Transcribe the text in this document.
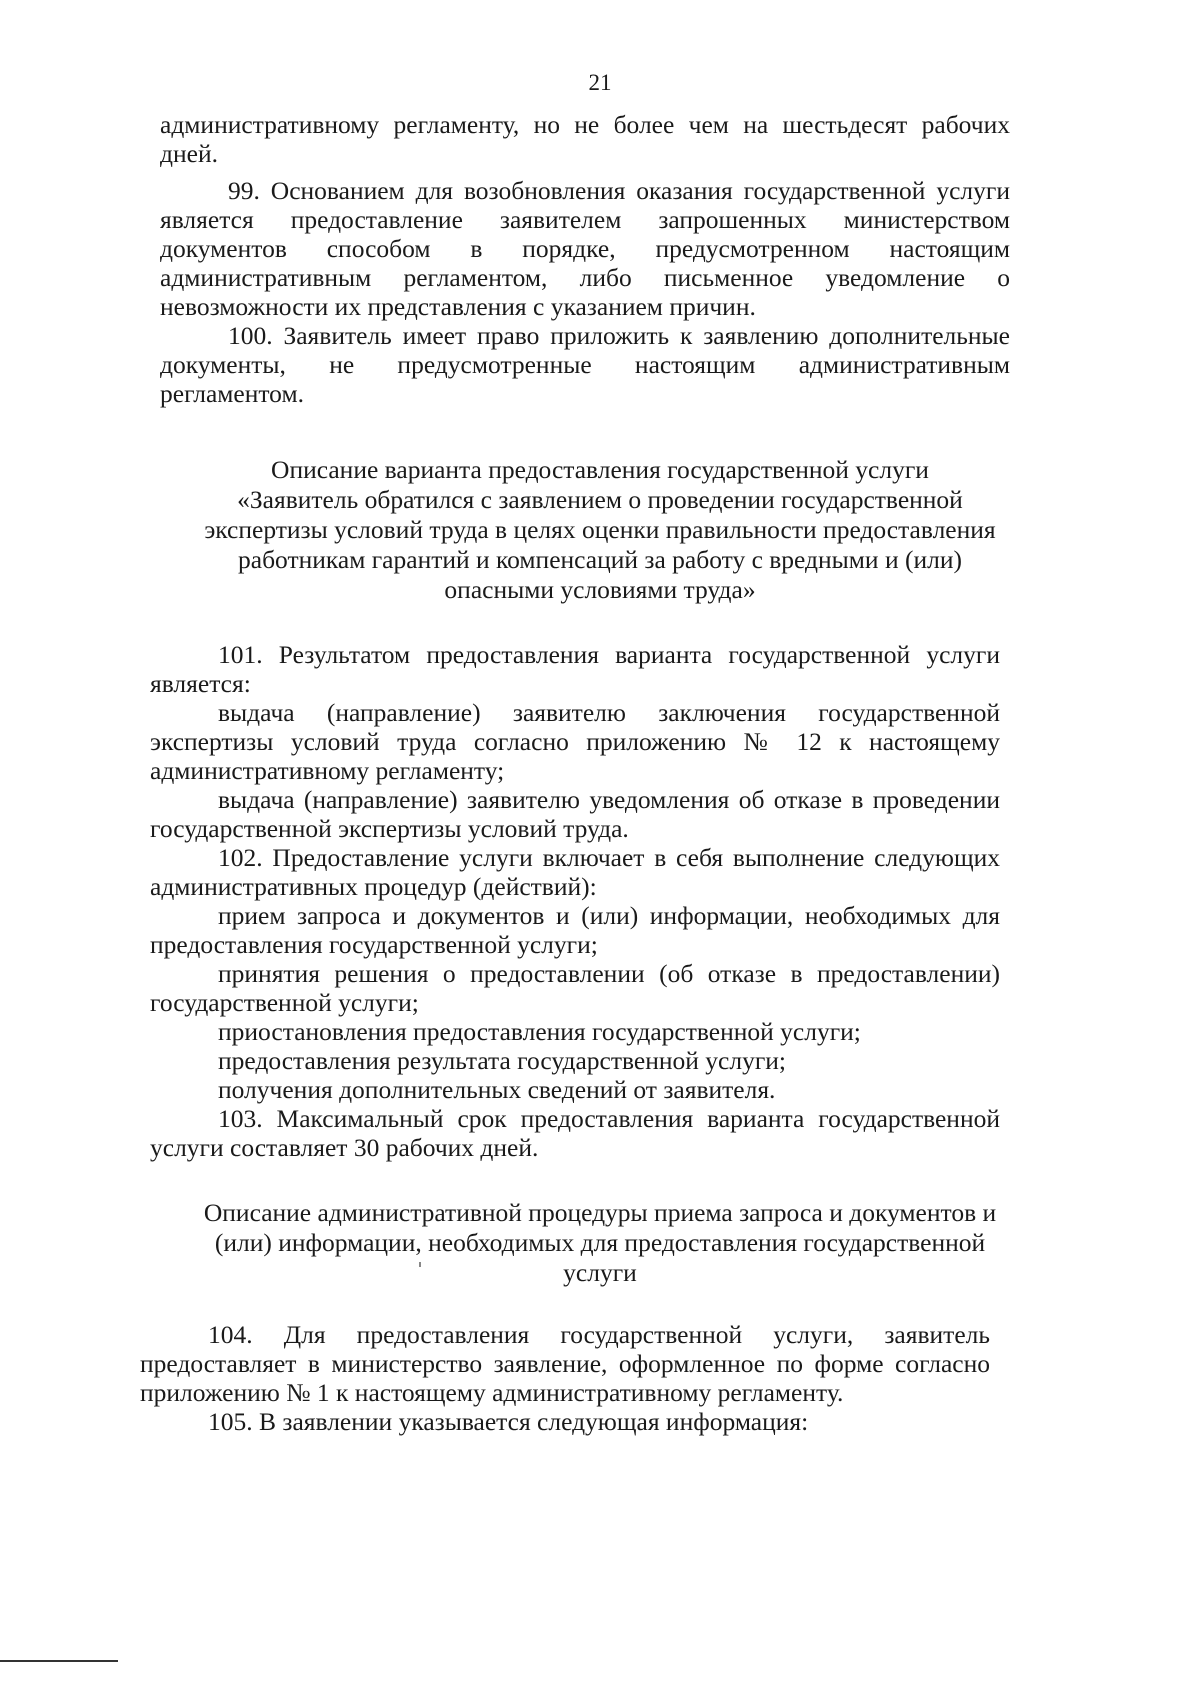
21

административному регламенту, но не более чем на шестьдесят рабочих дней.

99. Основанием для возобновления оказания государственной услуги является предоставление заявителем запрошенных министерством документов способом в порядке, предусмотренном настоящим административным регламентом, либо письменное уведомление о невозможности их представления с указанием причин.

100. Заявитель имеет право приложить к заявлению дополнительные документы, не предусмотренные настоящим административным регламентом.

Описание варианта предоставления государственной услуги
«Заявитель обратился с заявлением о проведении государственной
экспертизы условий труда в целях оценки правильности предоставления
работникам гарантий и компенсаций за работу с вредными и (или)
опасными условиями труда»

101. Результатом предоставления варианта государственной услуги является:

выдача (направление) заявителю заключения государственной экспертизы условий труда согласно приложению № 12 к настоящему административному регламенту;

выдача (направление) заявителю уведомления об отказе в проведении государственной экспертизы условий труда.

102. Предоставление услуги включает в себя выполнение следующих административных процедур (действий):

прием запроса и документов и (или) информации, необходимых для предоставления государственной услуги;

принятия решения о предоставлении (об отказе в предоставлении) государственной услуги;

приостановления предоставления государственной услуги;

предоставления результата государственной услуги;

получения дополнительных сведений от заявителя.

103. Максимальный срок предоставления варианта государственной услуги составляет 30 рабочих дней.

Описание административной процедуры приема запроса и документов и
(или) информации, необходимых для предоставления государственной
услуги

104. Для предоставления государственной услуги, заявитель предоставляет в министерство заявление, оформленное по форме согласно приложению № 1 к настоящему административному регламенту.

105. В заявлении указывается следующая информация:
